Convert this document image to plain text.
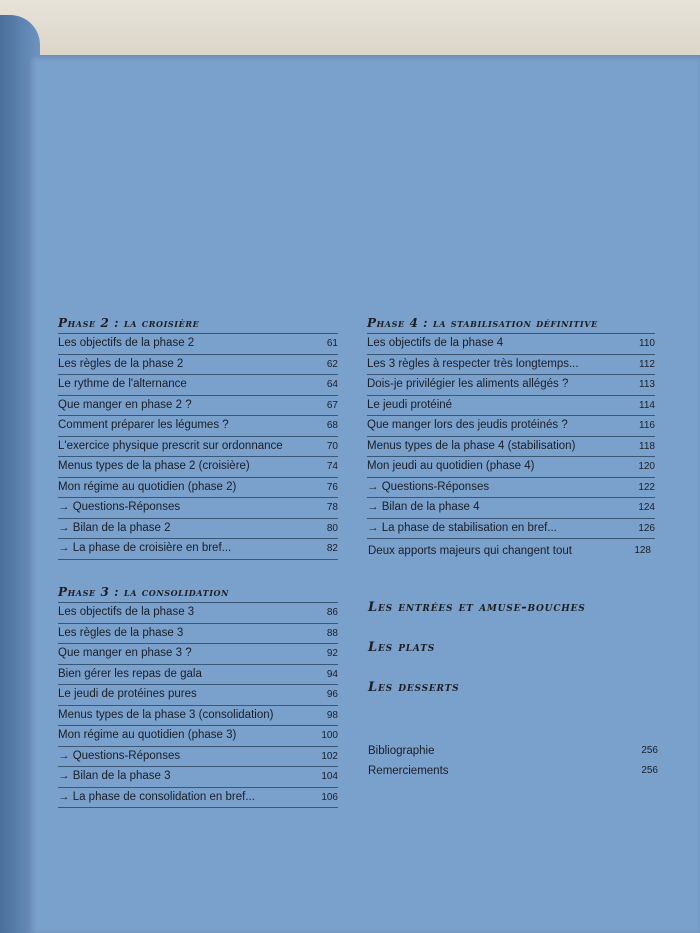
Phase 2 : la croisière
Les objectifs de la phase 2	61
Les règles de la phase 2	62
Le rythme de l'alternance	64
Que manger en phase 2 ?	67
Comment préparer les légumes ?	68
L'exercice physique prescrit sur ordonnance	70
Menus types de la phase 2 (croisière)	74
Mon régime au quotidien (phase 2)	76
→ Questions-Réponses	78
→ Bilan de la phase 2	80
→ La phase de croisière en bref...	82
Phase 3 : la consolidation
Les objectifs de la phase 3	86
Les règles de la phase 3	88
Que manger en phase 3 ?	92
Bien gérer les repas de gala	94
Le jeudi de protéines pures	96
Menus types de la phase 3 (consolidation)	98
Mon régime au quotidien (phase 3)	100
→ Questions-Réponses	102
→ Bilan de la phase 3	104
→ La phase de consolidation en bref...	106
Phase 4 : la stabilisation définitive
Les objectifs de la phase 4	110
Les 3 règles à respecter très longtemps...	112
Dois-je privilégier les aliments allégés ?	113
Le jeudi protéiné	114
Que manger lors des jeudis protéinés ?	116
Menus types de la phase 4 (stabilisation)	118
Mon jeudi au quotidien (phase 4)	120
→ Questions-Réponses	122
→ Bilan de la phase 4	124
→ La phase de stabilisation en bref...	126
Deux apports majeurs qui changent tout	128
Les entrées et amuse-bouches
Les plats
Les desserts
Bibliographie	256
Remerciements	256
